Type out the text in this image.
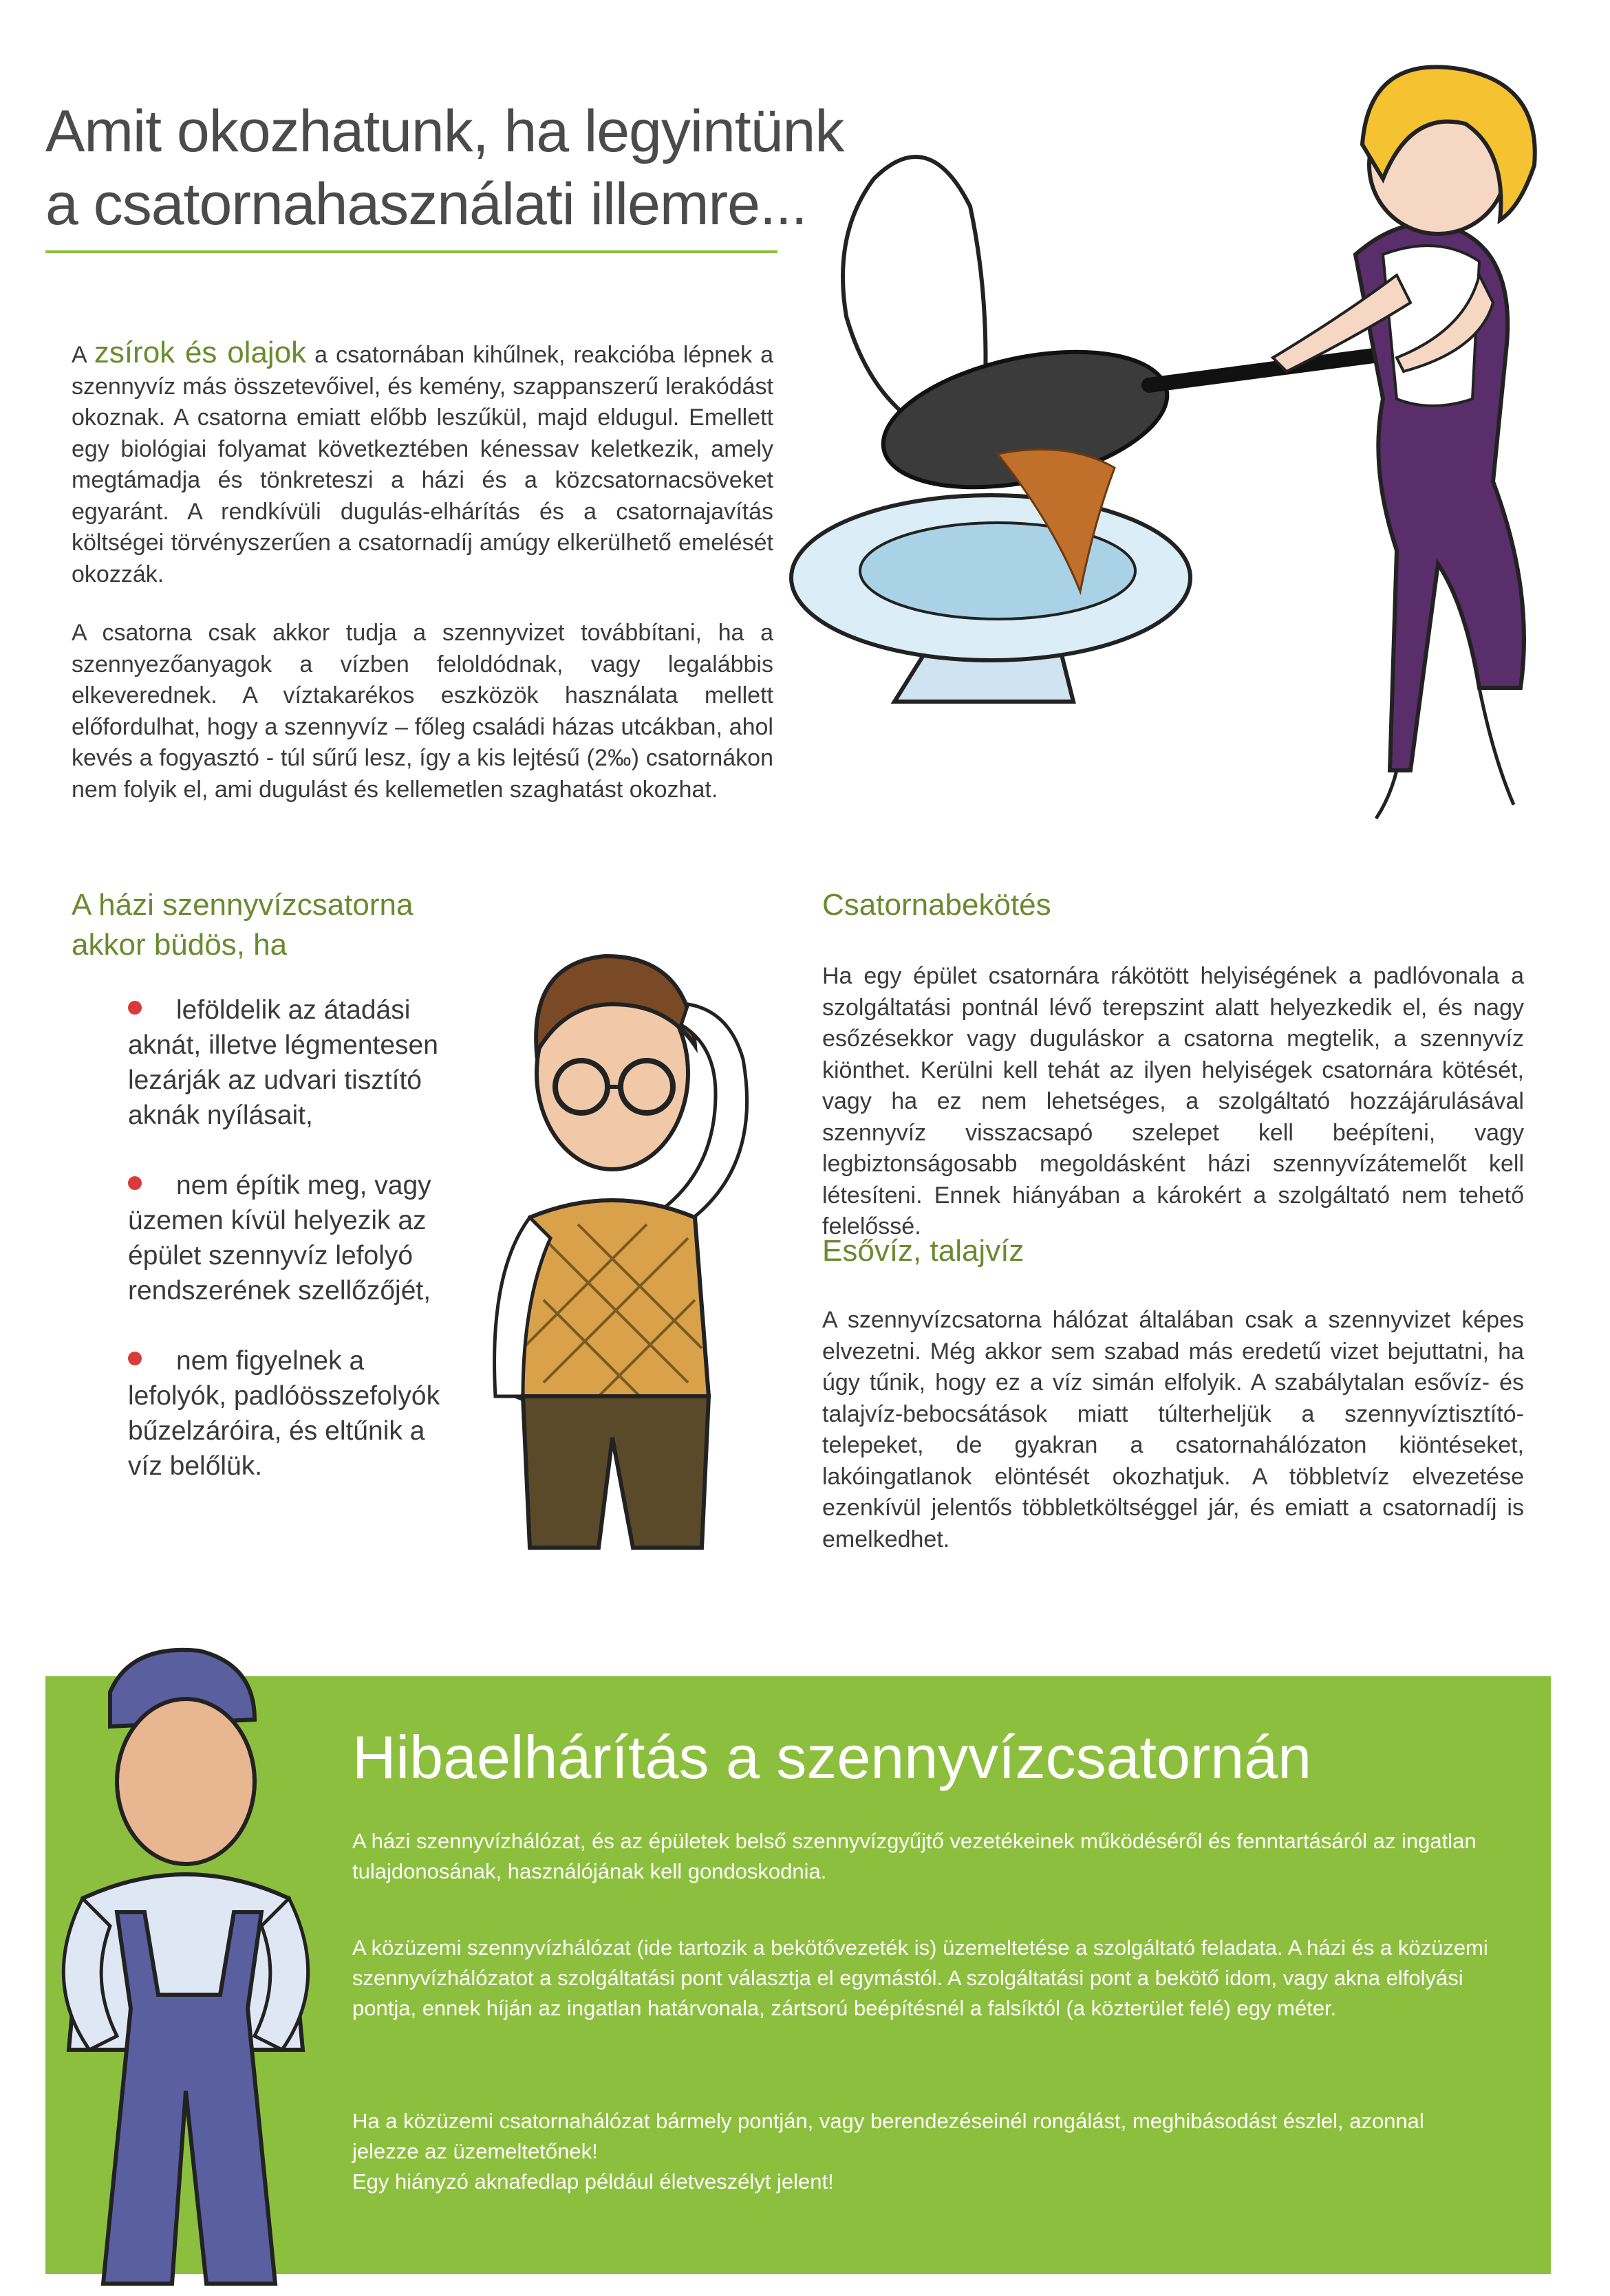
Amit okozhatunk, ha legyintünk
a csatornahasználati illemre...

A zsírok és olajok a csatornában kihűlnek, reakcióba lépnek a szennyvíz más összetevőivel, és kemény, szappanszerű lerakódást okoznak. A csatorna emiatt előbb leszűkül, majd eldugul. Emellett egy biológiai folyamat következtében kénessav keletkezik, amely megtámadja és tönkreteszi a házi és a közcsatornacsöveket egyaránt. A rendkívüli dugulás-elhárítás és a csatornajavítás költségei törvényszerűen a csatornadíj amúgy elkerülhető emelését okozzák.

A csatorna csak akkor tudja a szennyvizet továbbítani, ha a szennyezőanyagok a vízben feloldódnak, vagy legalábbis elkeverednek. A víztakarékos eszközök használata mellett előfordulhat, hogy a szennyvíz – főleg családi házas utcákban, ahol kevés a fogyasztó - túl sűrű lesz, így a kis lejtésű (2‰) csatornákon nem folyik el, ami dugulást és kellemetlen szaghatást okozhat.

A házi szennyvízcsatorna
akkor büdös, ha
leföldelik az átadási aknát, illetve légmentesen lezárják az udvari tisztító aknák nyílásait,
nem építik meg, vagy üzemen kívül helyezik az épület szennyvíz lefolyó rendszerének szellőzőjét,
nem figyelnek a lefolyók, padlóösszefolyók bűzelzáróira, és eltűnik a víz belőlük.
Csatornabekötés

Ha egy épület csatornára rákötött helyiségének a padlóvonala a szolgáltatási pontnál lévő terepszint alatt helyezkedik el, és nagy esőzésekkor vagy duguláskor a csatorna megtelik, a szennyvíz kiönthet. Kerülni kell tehát az ilyen helyiségek csatornára kötését, vagy ha ez nem lehetséges, a szolgáltató hozzájárulásával szennyvíz visszacsapó szelepet kell beépíteni, vagy legbiztonságosabb megoldásként házi szennyvízátemelőt kell létesíteni. Ennek hiányában a károkért a szolgáltató nem tehető felelőssé.

Esővíz, talajvíz

A szennyvízcsatorna hálózat általában csak a szennyvizet képes elvezetni. Még akkor sem szabad más eredetű vizet bejuttatni, ha úgy tűnik, hogy ez a víz simán elfolyik. A szabálytalan esővíz- és talajvíz-bebocsátások miatt túlterheljük a szennyvíztisztító-telepeket, de gyakran a csatornahálózaton kiöntéseket, lakóingatlanok elöntését okozhatjuk. A többletvíz elvezetése ezenkívül jelentős többletköltséggel jár, és emiatt a csatornadíj is emelkedhet.

Hibaelhárítás a szennyvízcsatornán

A házi szennyvízhálózat, és az épületek belső szennyvízgyűjtő vezetékeinek működéséről és fenntartásáról az ingatlan tulajdonosának, használójának kell gondoskodnia.

A közüzemi szennyvízhálózat (ide tartozik a bekötővezeték is) üzemeltetése a szolgáltató feladata. A házi és a közüzemi szennyvízhálózatot a szolgáltatási pont választja el egymástól. A szolgáltatási pont a bekötő idom, vagy akna elfolyási pontja, ennek híján az ingatlan határvonala, zártsorú beépítésnél a falsíktól (a közterület felé) egy méter.

Ha a közüzemi csatornahálózat bármely pontján, vagy berendezéseinél rongálást, meghibásodást észlel, azonnal jelezze az üzemeltetőnek!
Egy hiányzó aknafedlap például életveszélyt jelent!
